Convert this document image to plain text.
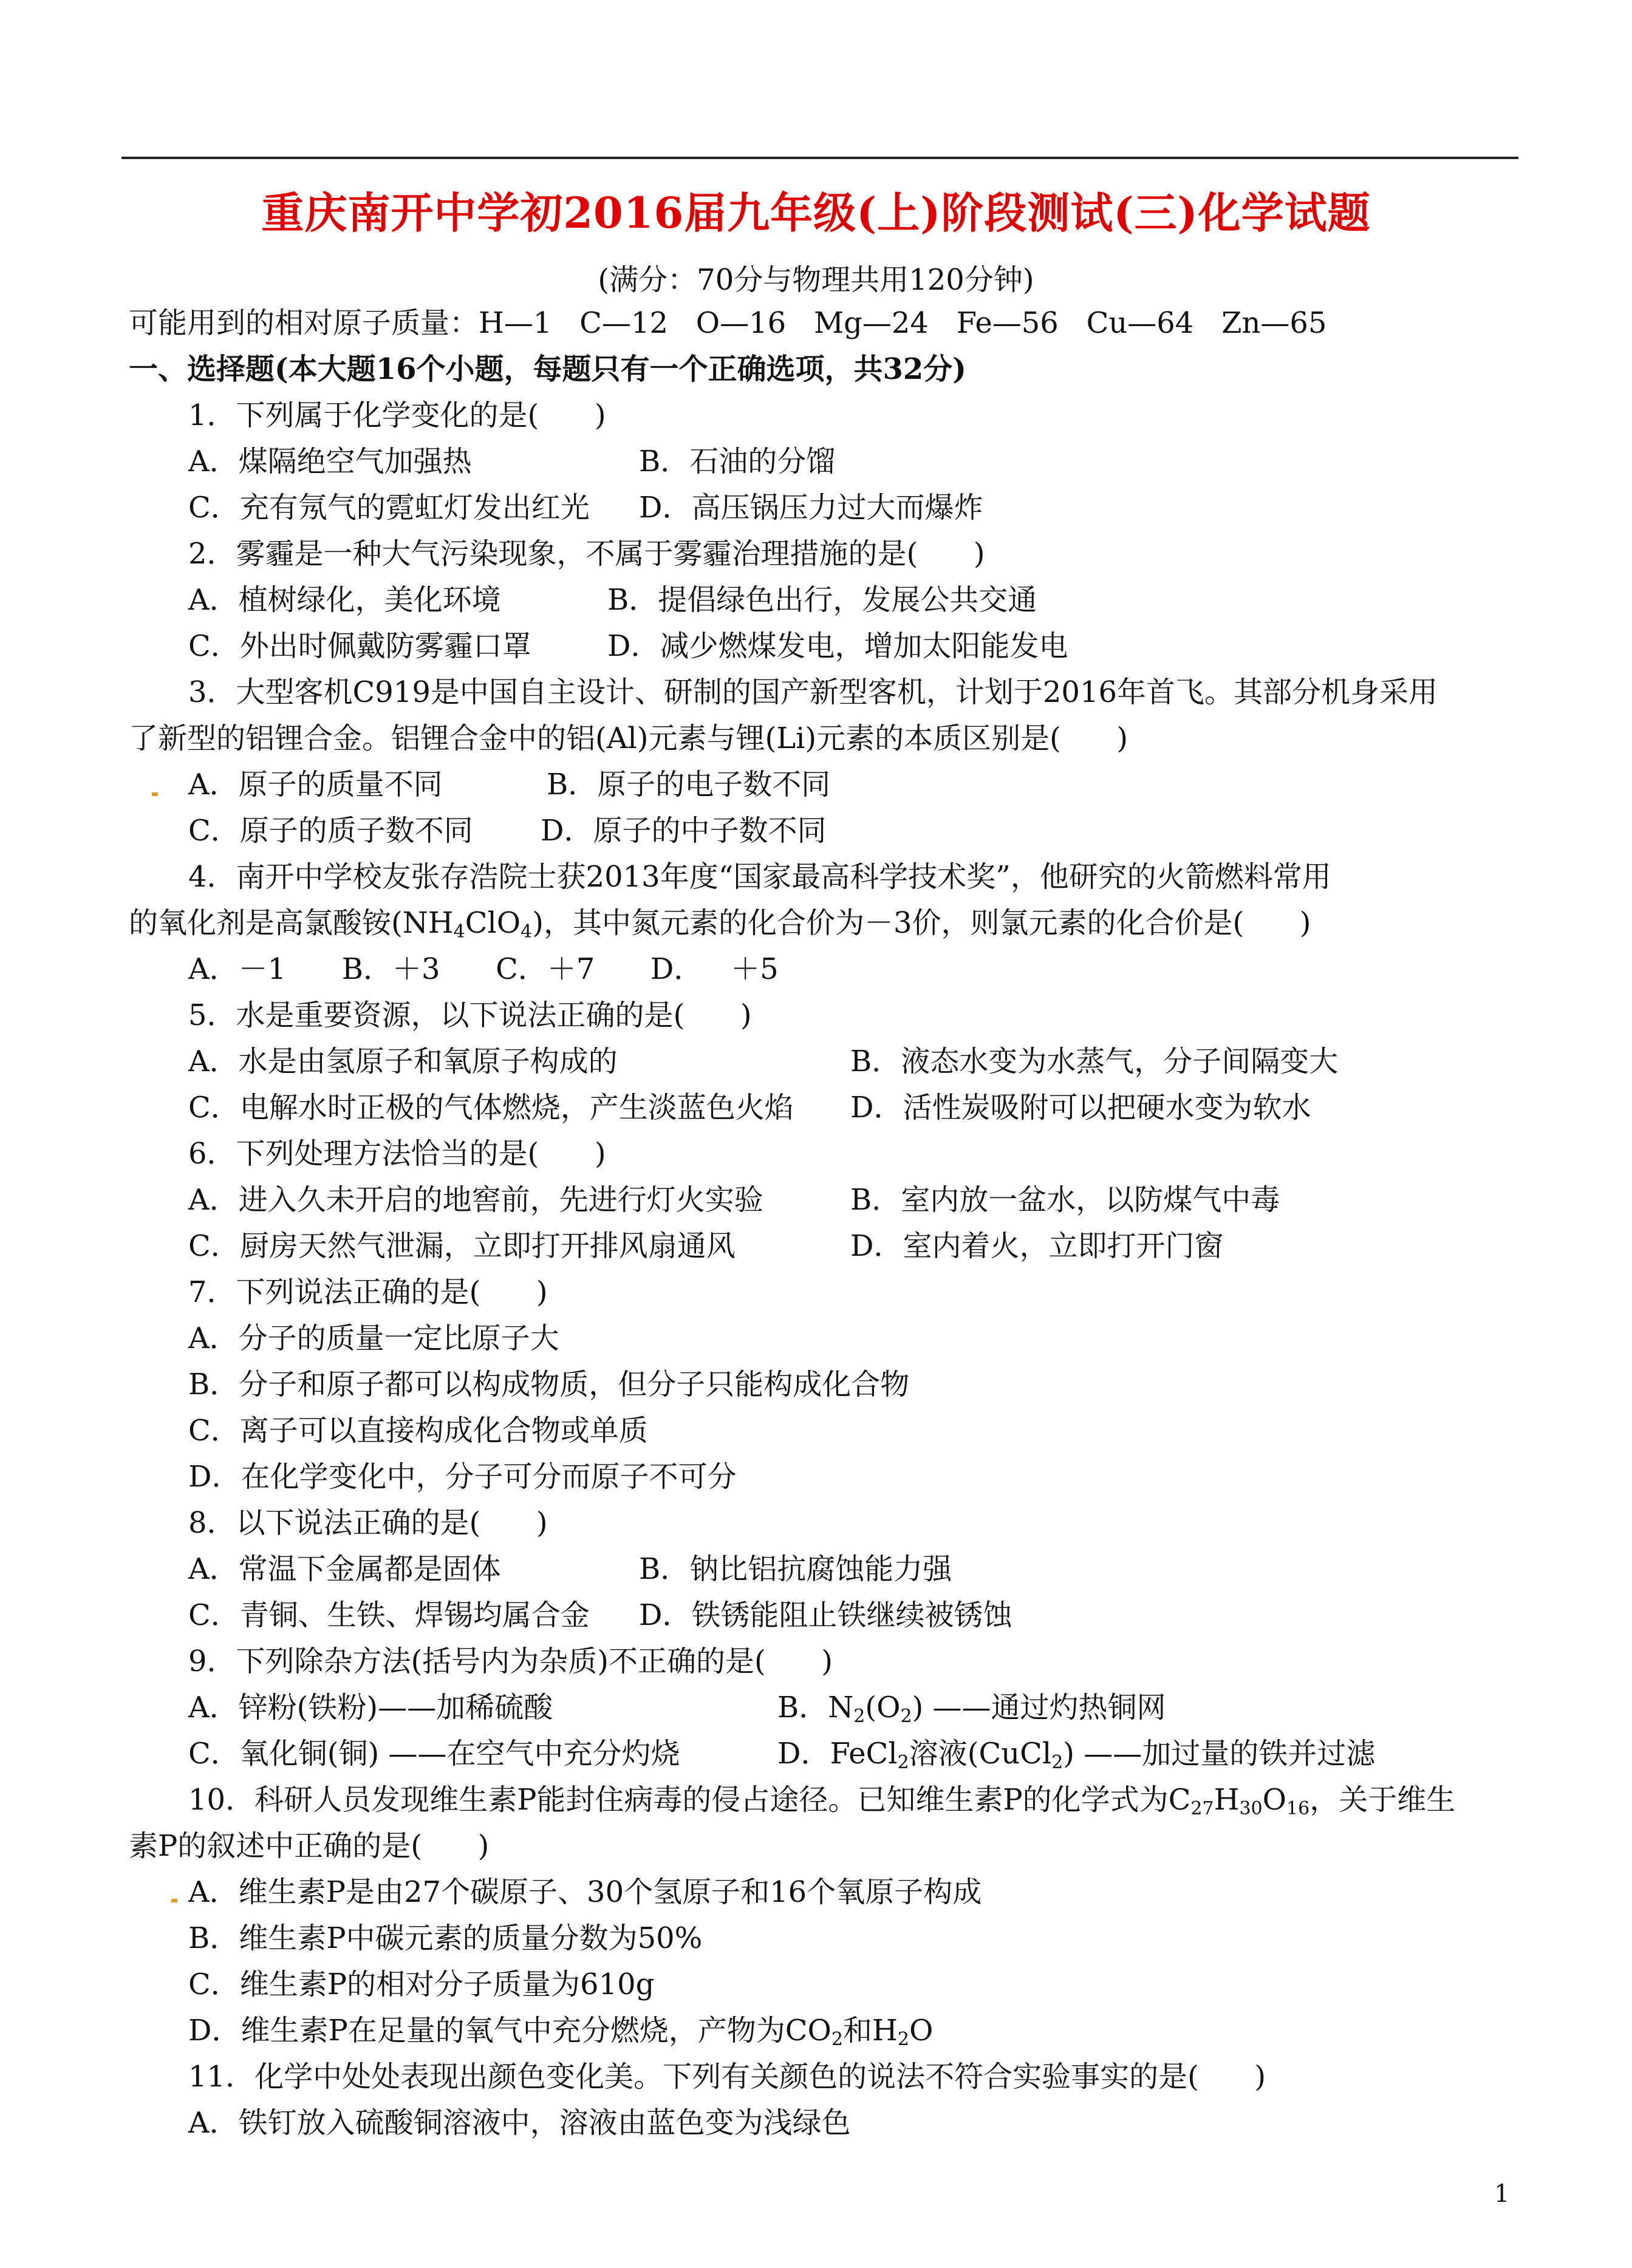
重庆南开中学初2016届九年级(上)阶段测试(三)化学试题
(满分：70分与物理共用120分钟)
可能用到的相对原子质量：H—1   C—12   O—16   Mg—24   Fe—56   Cu—64   Zn—65
一、选择题(本大题16个小题，每题只有一个正确选项，共32分)
1．下列属于化学变化的是(      )
A．煤隔绝空气加强热	B．石油的分馏
C．充有氖气的霓虹灯发出红光 D．高压锅压力过大而爆炸
2．雾霾是一种大气污染现象，不属于雾霾治理措施的是(      )
A．植树绿化，美化环境	B．提倡绿色出行，发展公共交通
C．外出时佩戴防雾霾口罩	D．减少燃煤发电，增加太阳能发电
3．大型客机C919是中国自主设计、研制的国产新型客机，计划于2016年首飞。其部分机身采用
了新型的铝锂合金。铝锂合金中的铝(Al)元素与锂(Li)元素的本质区别是(      )
A．原子的质量不同	B．原子的电子数不同
C．原子的质子数不同 D．原子的中子数不同
4．南开中学校友张存浩院士获2013年度“国家最高科学技术奖”，他研究的火箭燃料常用
的氧化剂是高氯酸铵$(NH_4ClO_4)$，其中氮元素的化合价为－3价，则氯元素的化合价是(      )
A．－1      B．＋3      C．＋7      D．   ＋5
5．水是重要资源，以下说法正确的是(      )
A．水是由氢原子和氧原子构成的	B．液态水变为水蒸气，分子间隔变大
C．电解水时正极的气体燃烧，产生淡蓝色火焰 D．活性炭吸附可以把硬水变为软水
6．下列处理方法恰当的是(      )
A．进入久未开启的地窖前，先进行灯火实验	B．室内放一盆水，以防煤气中毒
C．厨房天然气泄漏，立即打开排风扇通风	D．室内着火，立即打开门窗
7．下列说法正确的是(      )
A．分子的质量一定比原子大
B．分子和原子都可以构成物质，但分子只能构成化合物
C．离子可以直接构成化合物或单质
D．在化学变化中，分子可分而原子不可分
8．以下说法正确的是(      )
A．常温下金属都是固体	B．钠比铝抗腐蚀能力强
C．青铜、生铁、焊锡均属合金 D．铁锈能阻止铁继续被锈蚀
9．下列除杂方法(括号内为杂质)不正确的是(      )
A．锌粉(铁粉)——加稀硫酸	B．$N_2(O_2)$ ——通过灼热铜网
C．氧化铜(铜) ——在空气中充分灼烧	D．FeCl$_2$溶液(CuCl$_2$) ——加过量的铁并过滤
10．科研人员发现维生素P能封住病毒的侵占途径。已知维生素P的化学式为$C_{27}H_{30}O_{16}$，关于维生
素P的叙述中正确的是(      )
A．维生素P是由27个碳原子、30个氢原子和16个氧原子构成
B．维生素P中碳元素的质量分数为50%
C．维生素P的相对分子质量为610g
D．维生素P在足量的氧气中充分燃烧，产物为$CO_2$和$H_2O$
11．化学中处处表现出颜色变化美。下列有关颜色的说法不符合实验事实的是(      )
A．铁钉放入硫酸铜溶液中，溶液由蓝色变为浅绿色
1
